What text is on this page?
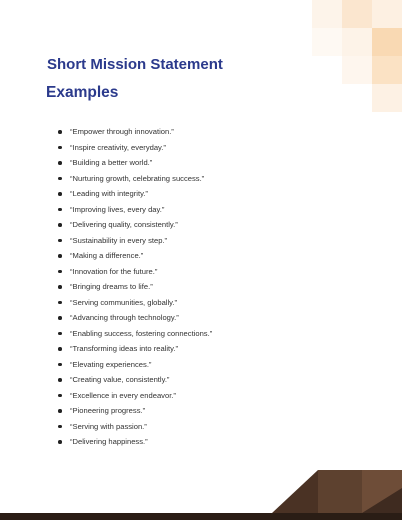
Short Mission Statement
Examples
“Empower through innovation.”
“Inspire creativity, everyday.”
“Building a better world.”
“Nurturing growth, celebrating success.”
“Leading with integrity.”
“Improving lives, every day.”
“Delivering quality, consistently.”
“Sustainability in every step.”
“Making a difference.”
“Innovation for the future.”
“Bringing dreams to life.”
“Serving communities, globally.”
“Advancing through technology.”
“Enabling success, fostering connections.”
“Transforming ideas into reality.”
“Elevating experiences.”
“Creating value, consistently.”
“Excellence in every endeavor.”
“Pioneering progress.”
“Serving with passion.”
“Delivering happiness.”
